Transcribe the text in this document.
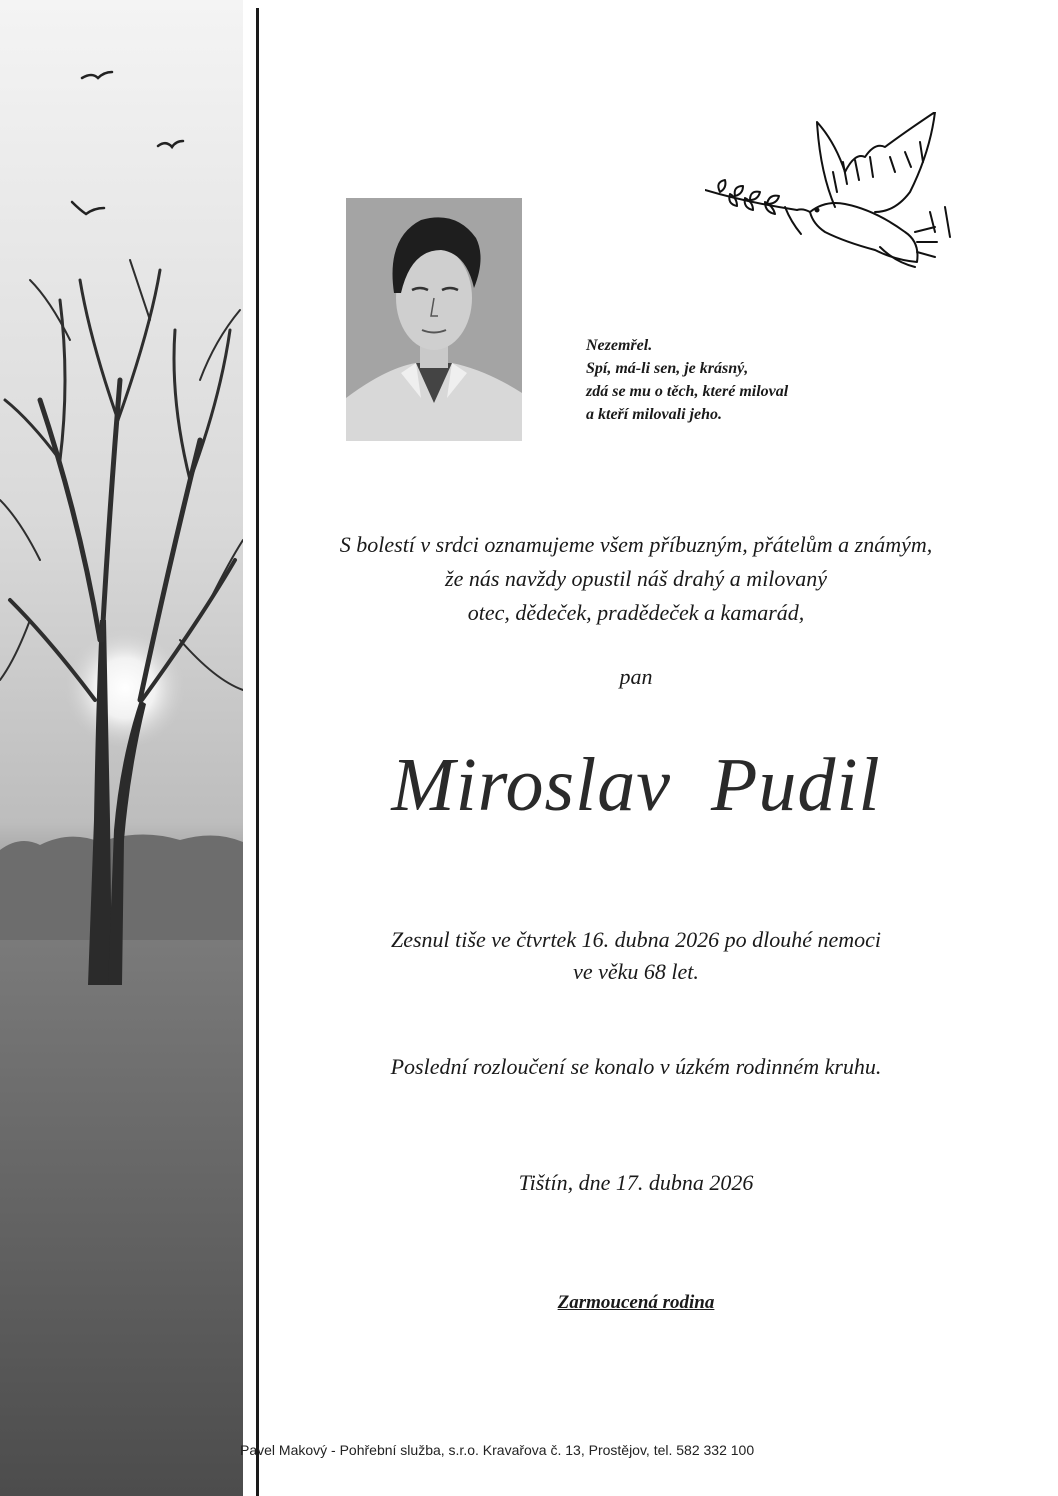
Nezemřel.
Spí, má-li sen, je krásný,
zdá se mu o těch, které miloval
a kteří milovali jeho.
S bolestí v srdci oznamujeme všem příbuzným, přátelům a známým,
že nás navždy opustil náš drahý a milovaný
otec, dědeček, pradědeček a kamarád,
pan
Miroslav Pudil
Zesnul tiše ve čtvrtek 16. dubna 2026 po dlouhé nemoci
ve věku 68 let.
Poslední rozloučení se konalo v úzkém rodinném kruhu.
Tištín, dne 17. dubna 2026
Zarmoucená rodina
Pavel Makový - Pohřební služba, s.r.o. Kravařova č. 13, Prostějov, tel. 582 332 100
